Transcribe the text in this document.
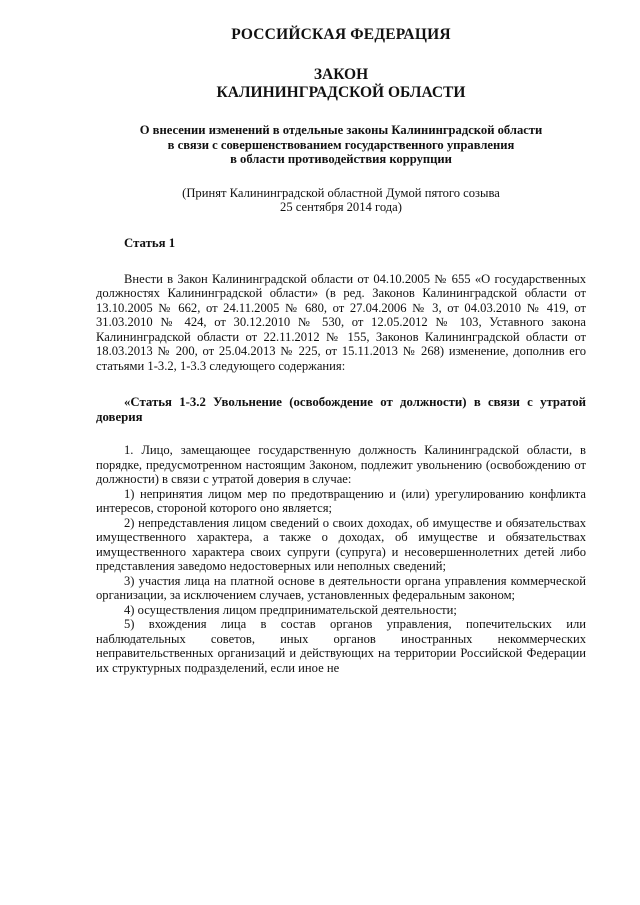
РОССИЙСКАЯ ФЕДЕРАЦИЯ
ЗАКОН
КАЛИНИНГРАДСКОЙ ОБЛАСТИ
О внесении изменений в отдельные законы Калининградской области
в связи с совершенствованием государственного управления
в области противодействия коррупции
(Принят Калининградской областной Думой пятого созыва
25 сентября 2014 года)
Статья 1
Внести в Закон Калининградской области от 04.10.2005 № 655 «О государственных должностях Калининградской области» (в ред. Законов Калининградской области от 13.10.2005 № 662, от 24.11.2005 № 680, от 27.04.2006 № 3, от 04.03.2010 № 419, от 31.03.2010 № 424, от 30.12.2010 № 530, от 12.05.2012 № 103, Уставного закона Калининградской области от 22.11.2012 № 155, Законов Калининградской области от 18.03.2013 № 200, от 25.04.2013 № 225, от 15.11.2013 № 268) изменение, дополнив его статьями 1-3.2, 1-3.3 следующего содержания:
«Статья 1-3.2 Увольнение (освобождение от должности) в связи с утратой доверия
1. Лицо, замещающее государственную должность Калининградской области, в порядке, предусмотренном настоящим Законом, подлежит увольнению (освобождению от должности) в связи с утратой доверия в случае:
1) непринятия лицом мер по предотвращению и (или) урегулированию конфликта интересов, стороной которого оно является;
2) непредставления лицом сведений о своих доходах, об имуществе и обязательствах имущественного характера, а также о доходах, об имуществе и обязательствах имущественного характера своих супруги (супруга) и несовершеннолетних детей либо представления заведомо недостоверных или неполных сведений;
3) участия лица на платной основе в деятельности органа управления коммерческой организации, за исключением случаев, установленных федеральным законом;
4) осуществления лицом предпринимательской деятельности;
5) вхождения лица в состав органов управления, попечительских или наблюдательных советов, иных органов иностранных некоммерческих неправительственных организаций и действующих на территории Российской Федерации их структурных подразделений, если иное не
